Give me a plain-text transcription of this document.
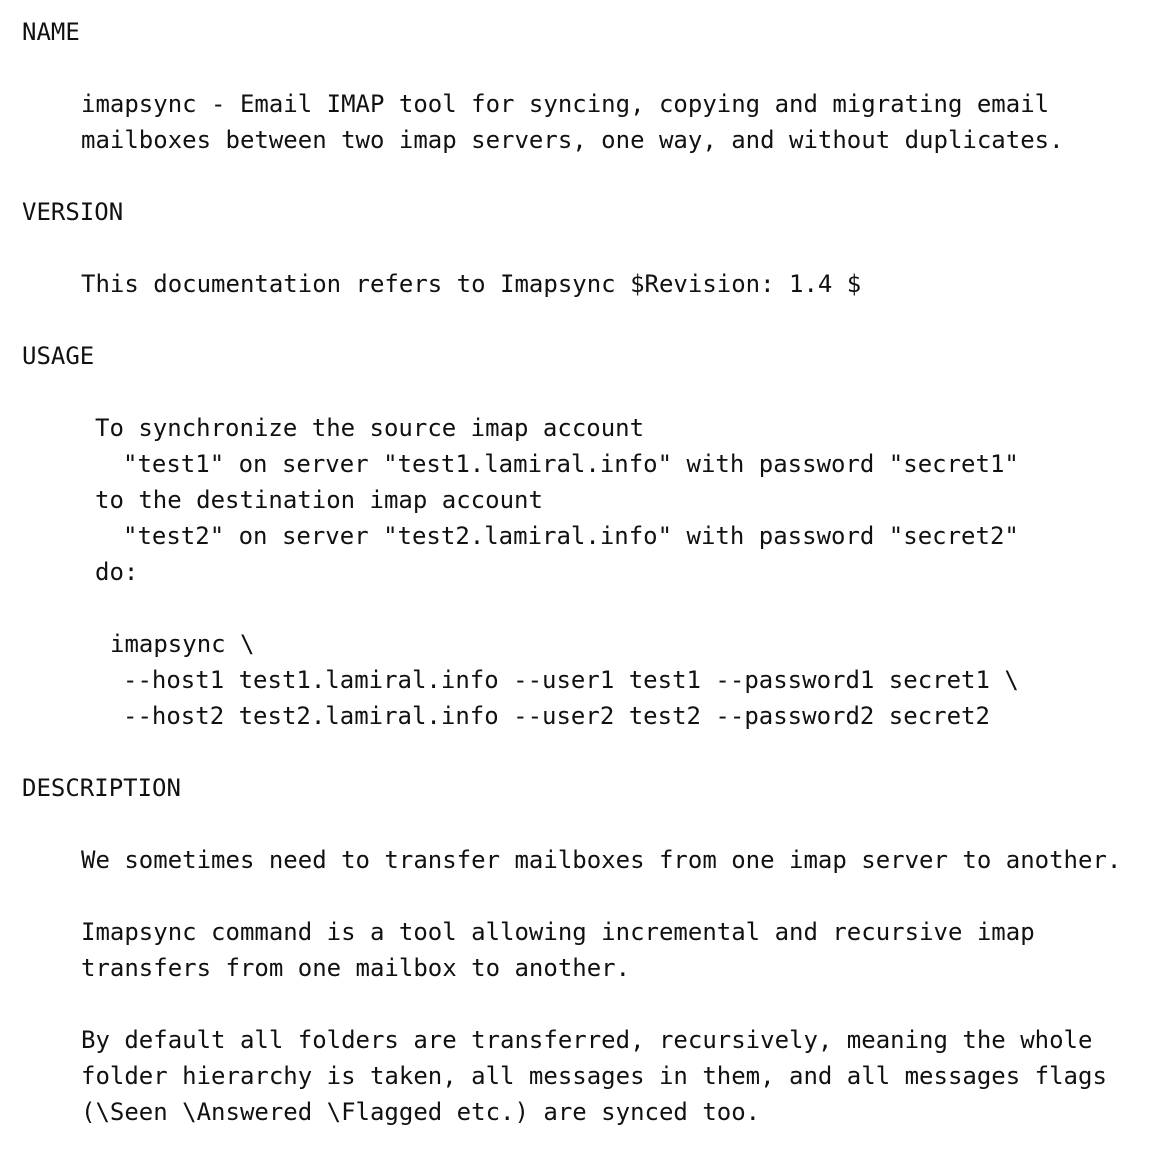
NAME
imapsync - Email IMAP tool for syncing, copying and migrating email
mailboxes between two imap servers, one way, and without duplicates.
VERSION
This documentation refers to Imapsync $Revision: 1.4 $
USAGE
To synchronize the source imap account
"test1" on server "test1.lamiral.info" with password "secret1"
to the destination imap account
"test2" on server "test2.lamiral.info" with password "secret2"
do:
imapsync \
--host1 test1.lamiral.info --user1 test1 --password1 secret1 \
--host2 test2.lamiral.info --user2 test2 --password2 secret2
DESCRIPTION
We sometimes need to transfer mailboxes from one imap server to another.
Imapsync command is a tool allowing incremental and recursive imap
transfers from one mailbox to another.
By default all folders are transferred, recursively, meaning the whole
folder hierarchy is taken, all messages in them, and all messages flags
(\Seen \Answered \Flagged etc.) are synced too.
